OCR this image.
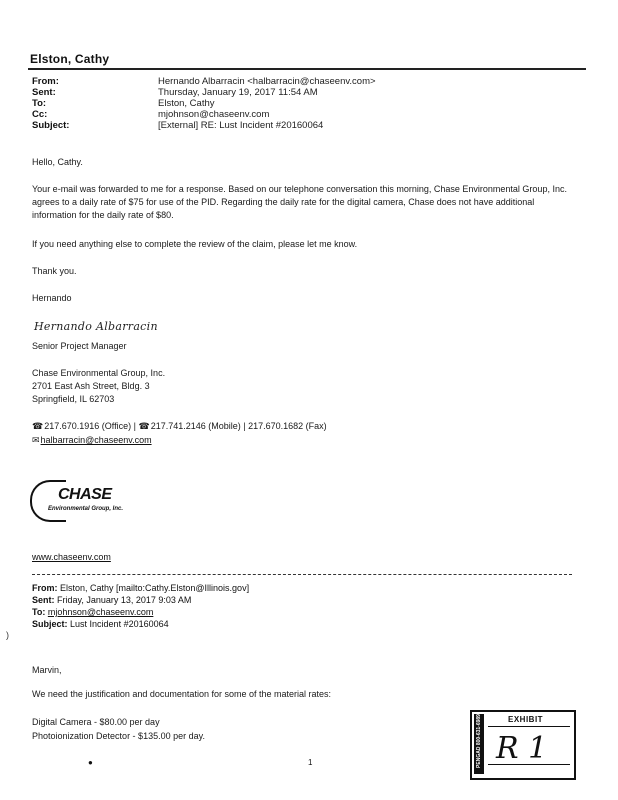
Elston, Cathy
From:	Hernando Albarracin <halbarracin@chaseenv.com>
Sent:	Thursday, January 19, 2017 11:54 AM
To:	Elston, Cathy
Cc:	mjohnson@chaseenv.com
Subject:	[External] RE: Lust Incident #20160064
Hello, Cathy.
Your e-mail was forwarded to me for a response. Based on our telephone conversation this morning, Chase Environmental Group, Inc. agrees to a daily rate of $75 for use of the PID. Regarding the daily rate for the digital camera, Chase does not have additional information for the daily rate of $80.
If you need anything else to complete the review of the claim, please let me know.
Thank you.
Hernando
Hernando Albarracin
Senior Project Manager
Chase Environmental Group, Inc.
2701 East Ash Street, Bldg. 3
Springfield, IL 62703
☎217.670.1916 (Office) | ☎217.741.2146 (Mobile) | 217.670.1682 (Fax)
✉halbarracin@chaseenv.com
CHASE
Environmental Group, Inc.
www.chaseenv.com
From: Elston, Cathy [mailto:Cathy.Elston@Illinois.gov]
Sent: Friday, January 13, 2017 9:03 AM
To: mjohnson@chaseenv.com
Subject: Lust Incident #20160064
)
Marvin,
We need the justification and documentation for some of the material rates:
Digital Camera - $80.00 per day
Photoionization Detector - $135.00 per day.	PENGAD 800-631-6989	EXHIBIT
R 1
●	1
